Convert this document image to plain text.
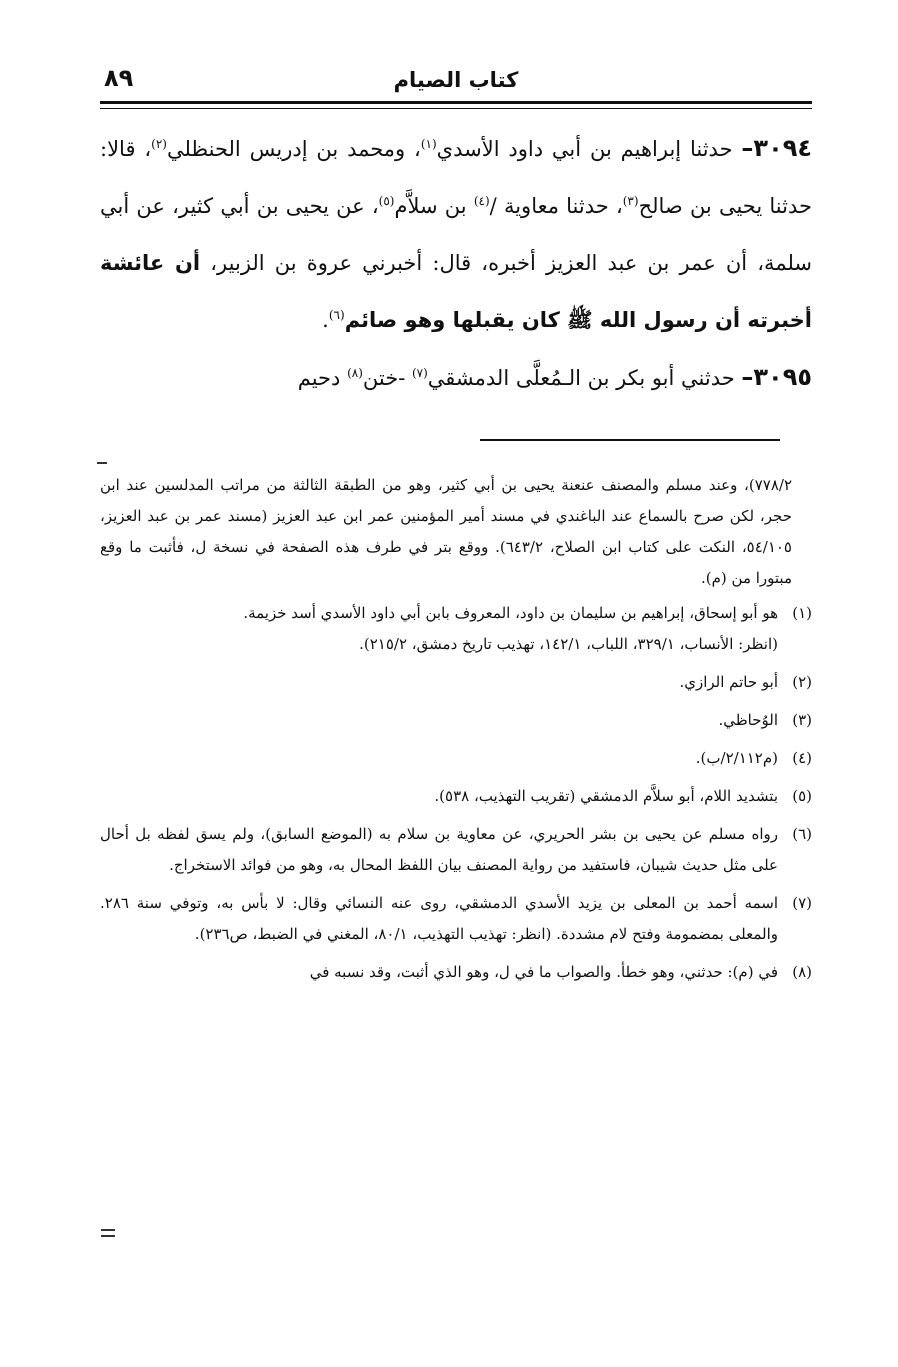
كتاب الصيام
٨٩

٣٠٩٤– حدثنا إبراهيم بن أبي داود الأسدي$^{(١)}$، ومحمد بن إدريس الحنظلي$^{(٢)}$، قالا: حدثنا يحيى بن صالح$^{(٣)}$، حدثنا معاوية /$^{(٤)}$ بن سلاَّم$^{(٥)}$، عن يحيى بن أبي كثير، عن أبي سلمة، أن عمر بن عبد العزيز أخبره، قال: أخبرني عروة بن الزبير، أن عائشة أخبرته أن رسول الله ﷺ كان يقبلها وهو صائم$^{(٦)}$.

٣٠٩٥– حدثني أبو بكر بن الـمُعلَّى الدمشقي$^{(٧)}$ -ختن$^{(٨)}$ دحيم

٧٧٨/٢)، وعند مسلم والمصنف عنعنة يحيى بن أبي كثير، وهو من الطبقة الثالثة من مراتب المدلسين عند ابن حجر، لكن صرح بالسماع عند الباغندي في مسند أمير المؤمنين عمر ابن عبد العزيز (مسند عمر بن عبد العزيز، ٥٤/١٠٥، النكت على كتاب ابن الصلاح، ٦٤٣/٢). ووقع بتر في طرف هذه الصفحة في نسخة ل، فأثبت ما وقع مبتورا من (م).

(١)
هو أبو إسحاق، إبراهيم بن سليمان بن داود، المعروف بابن أبي داود الأسدي أسد خزيمة.
(انظر: الأنساب، ٣٢٩/١، اللباب، ١٤٢/١، تهذيب تاريخ دمشق، ٢١٥/٢).
(٢)
أبو حاتم الرازي.
(٣)
الوُحاظي.
(٤)
(م٢/١١٢/ب).
(٥)
بتشديد اللام، أبو سلاَّم الدمشقي (تقريب التهذيب، ٥٣٨).
(٦)
رواه مسلم عن يحيى بن بشر الحريري، عن معاوية بن سلام به (الموضع السابق)، ولم يسق لفظه بل أحال على مثل حديث شيبان، فاستفيد من رواية المصنف بيان اللفظ المحال به، وهو من فوائد الاستخراج.
(٧)
اسمه أحمد بن المعلى بن يزيد الأسدي الدمشقي، روى عنه النسائي وقال: لا بأس به، وتوفي سنة ٢٨٦. والمعلى بمضمومة وفتح لام مشددة. (انظر: تهذيب التهذيب، ٨٠/١، المغني في الضبط، ص٢٣٦).
(٨)
في (م): حدثني، وهو خطأ. والصواب ما في ل، وهو الذي أثبت، وقد نسبه في
